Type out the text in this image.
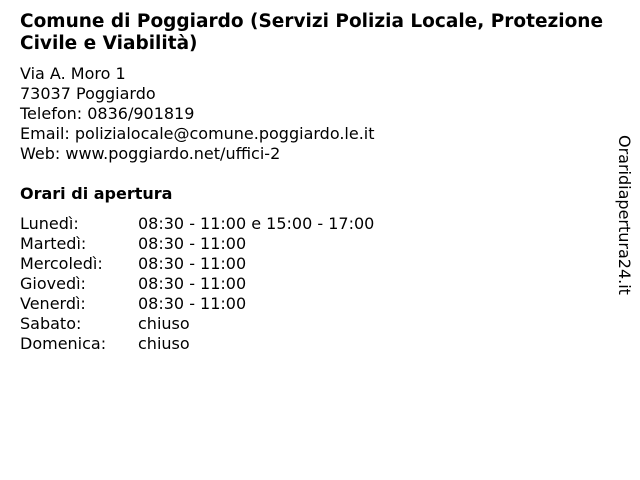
Comune di Poggiardo (Servizi Polizia Locale, Protezione Civile e Viabilità)
Via A. Moro 1
73037 Poggiardo
Telefon: 0836/901819
Email: polizialocale@comune.poggiardo.le.it
Web: www.poggiardo.net/uffici-2
Orari di apertura
Lunedì:	08:30 - 11:00 e 15:00 - 17:00
Martedì:	08:30 - 11:00
Mercoledì:	08:30 - 11:00
Giovedì:	08:30 - 11:00
Venerdì:	08:30 - 11:00
Sabato:	chiuso
Domenica:	chiuso
Oraridiapertura24.it
